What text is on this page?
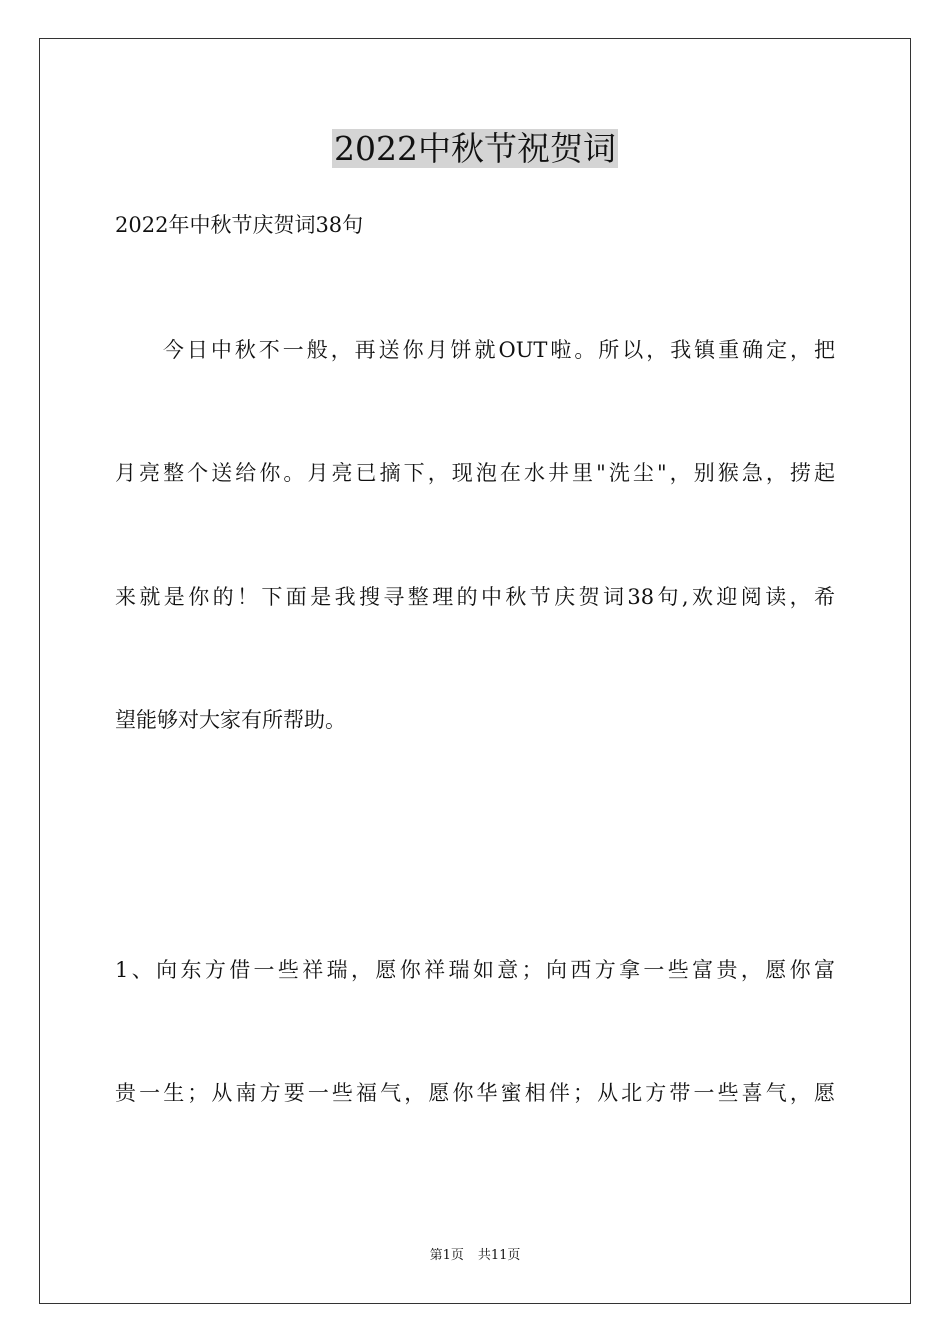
2022中秋节祝贺词

2022年中秋节庆贺词38句

　　今日中秋不一般，再送你月饼就OUT啦。所以，我镇重确定，把

月亮整个送给你。月亮已摘下，现泡在水井里"洗尘"，别猴急，捞起

来就是你的！下面是我搜寻整理的中秋节庆贺词38句,欢迎阅读，希

望能够对大家有所帮助。

1、向东方借一些祥瑞，愿你祥瑞如意；向西方拿一些富贵，愿你富

贵一生；从南方要一些福气，愿你华蜜相伴；从北方带一些喜气，愿

第1页 共11页
